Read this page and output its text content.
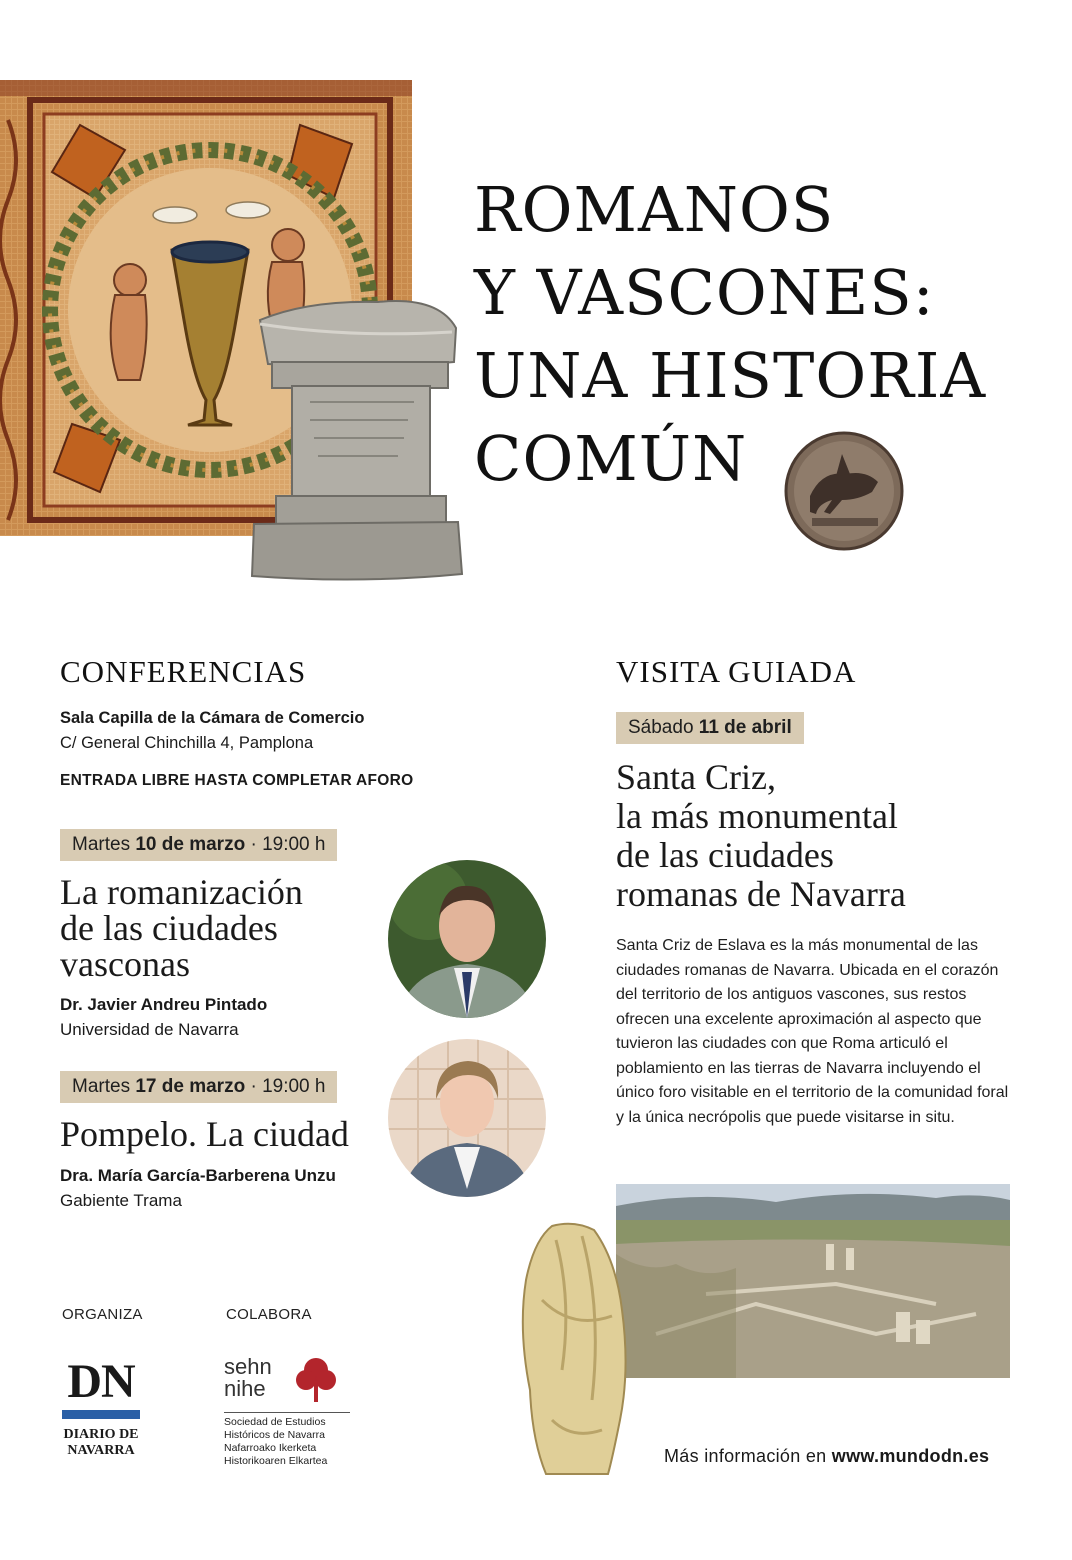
ROMANOS
Y VASCONES:
UNA HISTORIA
COMÚN
CONFERENCIAS
Sala Capilla de la Cámara de Comercio
C/ General Chinchilla 4, Pamplona
ENTRADA LIBRE HASTA COMPLETAR AFORO
Martes 10 de marzo · 19:00 h
La romanización
de las ciudades
vasconas
Dr. Javier Andreu Pintado
Universidad de Navarra
Martes 17 de marzo · 19:00 h
Pompelo. La ciudad
Dra. María García-Barberena Unzu
Gabiente Trama
VISITA GUIADA
Sábado 11 de abril
Santa Criz,
la más monumental
de las ciudades
romanas de Navarra

Santa Criz de Eslava es la más monumental de las ciudades romanas de Navarra. Ubicada en el corazón del territorio de los antiguos vascones, sus restos ofrecen una excelente aproximación al aspecto que tuvieron las ciudades con que Roma articuló el poblamiento en las tierras de Navarra incluyendo el único foro visitable en el territorio de la comunidad foral y la única necrópolis que puede visitarse in situ.

ORGANIZA	COLABORA
DN
DIARIO DE
NAVARRA
sehn
nihe
Sociedad de Estudios
Históricos de Navarra
Nafarroako Ikerketa
Historikoaren Elkartea	Más información en www.mundodn.es
